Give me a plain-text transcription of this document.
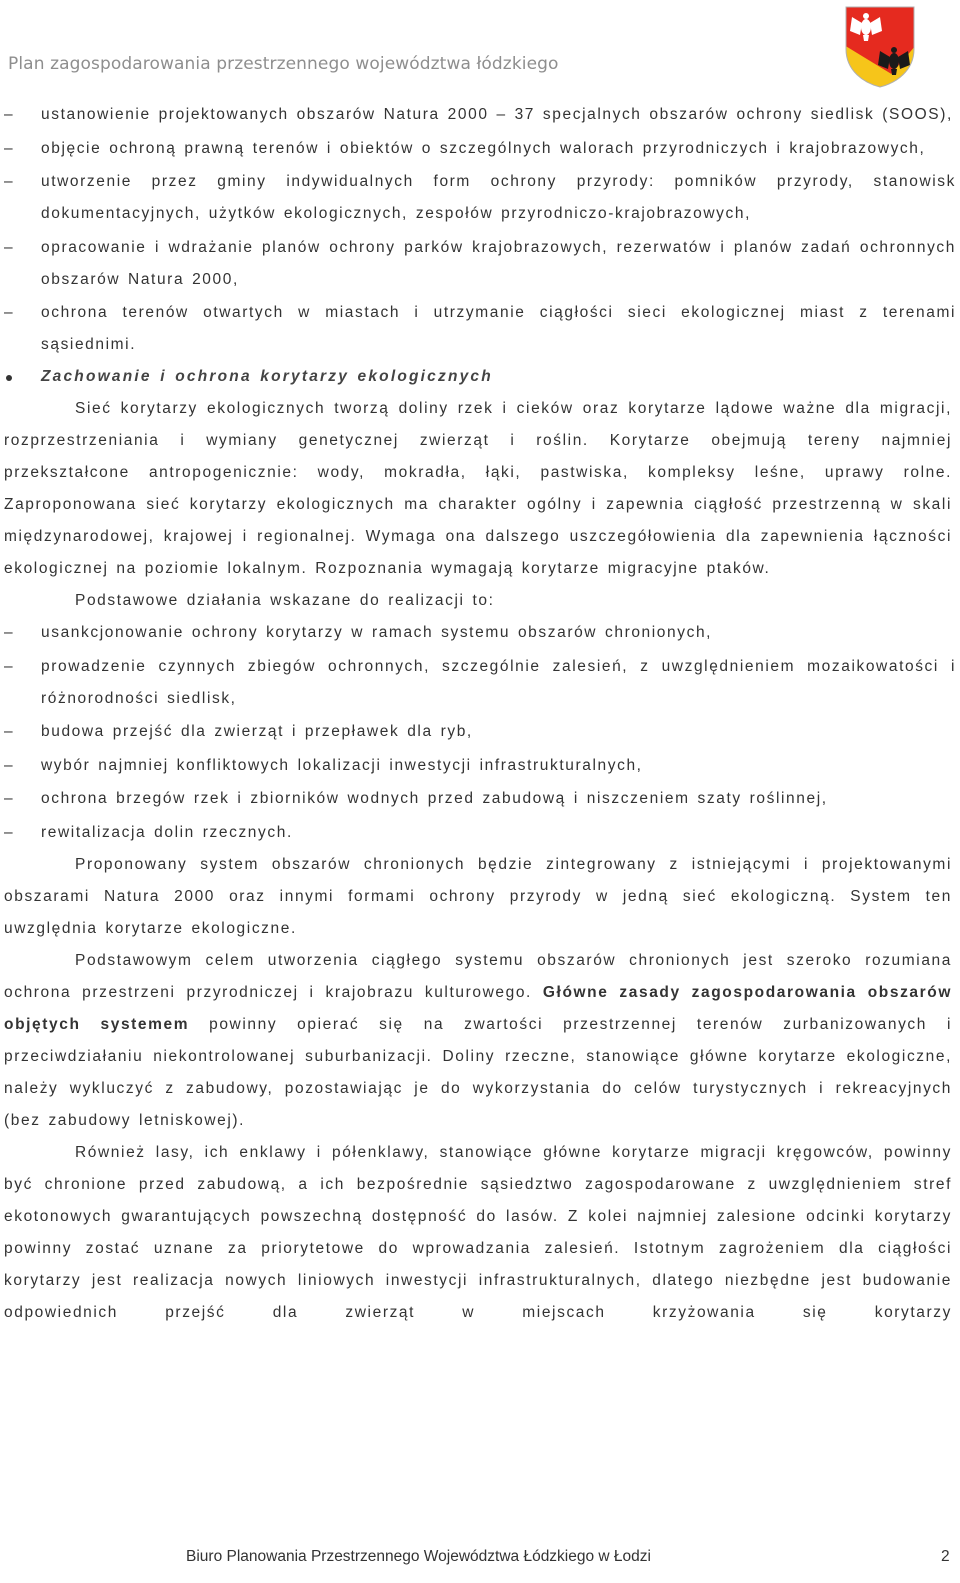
Plan zagospodarowania przestrzennego województwa łódzkiego
– ustanowienie projektowanych obszarów Natura 2000 – 37 specjalnych obszarów ochrony siedlisk (SOOS),
– objęcie ochroną prawną terenów i obiektów o szczególnych walorach przyrodniczych i krajobrazowych,
– utworzenie przez gminy indywidualnych form ochrony przyrody: pomników przyrody, stanowisk dokumentacyjnych, użytków ekologicznych, zespołów przyrodniczo-krajobrazowych,
– opracowanie i wdrażanie planów ochrony parków krajobrazowych, rezerwatów i planów zadań ochronnych obszarów Natura 2000,
– ochrona terenów otwartych w miastach i utrzymanie ciągłości sieci ekologicznej miast z terenami sąsiednimi.
Zachowanie i ochrona korytarzy ekologicznych

Sieć korytarzy ekologicznych tworzą doliny rzek i cieków oraz korytarze lądowe ważne dla migracji, rozprzestrzeniania i wymiany genetycznej zwierząt i roślin. Korytarze obejmują tereny najmniej przekształcone antropogenicznie: wody, mokradła, łąki, pastwiska, kompleksy leśne, uprawy rolne. Zaproponowana sieć korytarzy ekologicznych ma charakter ogólny i zapewnia ciągłość przestrzenną w skali międzynarodowej, krajowej i regionalnej. Wymaga ona dalszego uszczegółowienia dla zapewnienia łączności ekologicznej na poziomie lokalnym. Rozpoznania wymagają korytarze migracyjne ptaków.

Podstawowe działania wskazane do realizacji to:

– usankcjonowanie ochrony korytarzy w ramach systemu obszarów chronionych,
– prowadzenie czynnych zbiegów ochronnych, szczególnie zalesień, z uwzględnieniem mozaikowatości i różnorodności siedlisk,
– budowa przejść dla zwierząt i przepławek dla ryb,
– wybór najmniej konfliktowych lokalizacji inwestycji infrastrukturalnych,
– ochrona brzegów rzek i zbiorników wodnych przed zabudową i niszczeniem szaty roślinnej,
– rewitalizacja dolin rzecznych.

Proponowany system obszarów chronionych będzie zintegrowany z istniejącymi i projektowanymi obszarami Natura 2000 oraz innymi formami ochrony przyrody w jedną sieć ekologiczną. System ten uwzględnia korytarze ekologiczne.

Podstawowym celem utworzenia ciągłego systemu obszarów chronionych jest szeroko rozumiana ochrona przestrzeni przyrodniczej i krajobrazu kulturowego. Główne zasady zagospodarowania obszarów objętych systemem powinny opierać się na zwartości przestrzennej terenów zurbanizowanych i przeciwdziałaniu niekontrolowanej suburbanizacji. Doliny rzeczne, stanowiące główne korytarze ekologiczne, należy wykluczyć z zabudowy, pozostawiając je do wykorzystania do celów turystycznych i rekreacyjnych (bez zabudowy letniskowej).

Również lasy, ich enklawy i półenklawy, stanowiące główne korytarze migracji kręgowców, powinny być chronione przed zabudową, a ich bezpośrednie sąsiedztwo zagospodarowane z uwzględnieniem stref ekotonowych gwarantujących powszechną dostępność do lasów. Z kolei najmniej zalesione odcinki korytarzy powinny zostać uznane za priorytetowe do wprowadzania zalesień. Istotnym zagrożeniem dla ciągłości korytarzy jest realizacja nowych liniowych inwestycji infrastrukturalnych, dlatego niezbędne jest budowanie odpowiednich przejść dla zwierząt w miejscach krzyżowania się korytarzy

Biuro Planowania Przestrzennego Województwa Łódzkiego w Łodzi	2
